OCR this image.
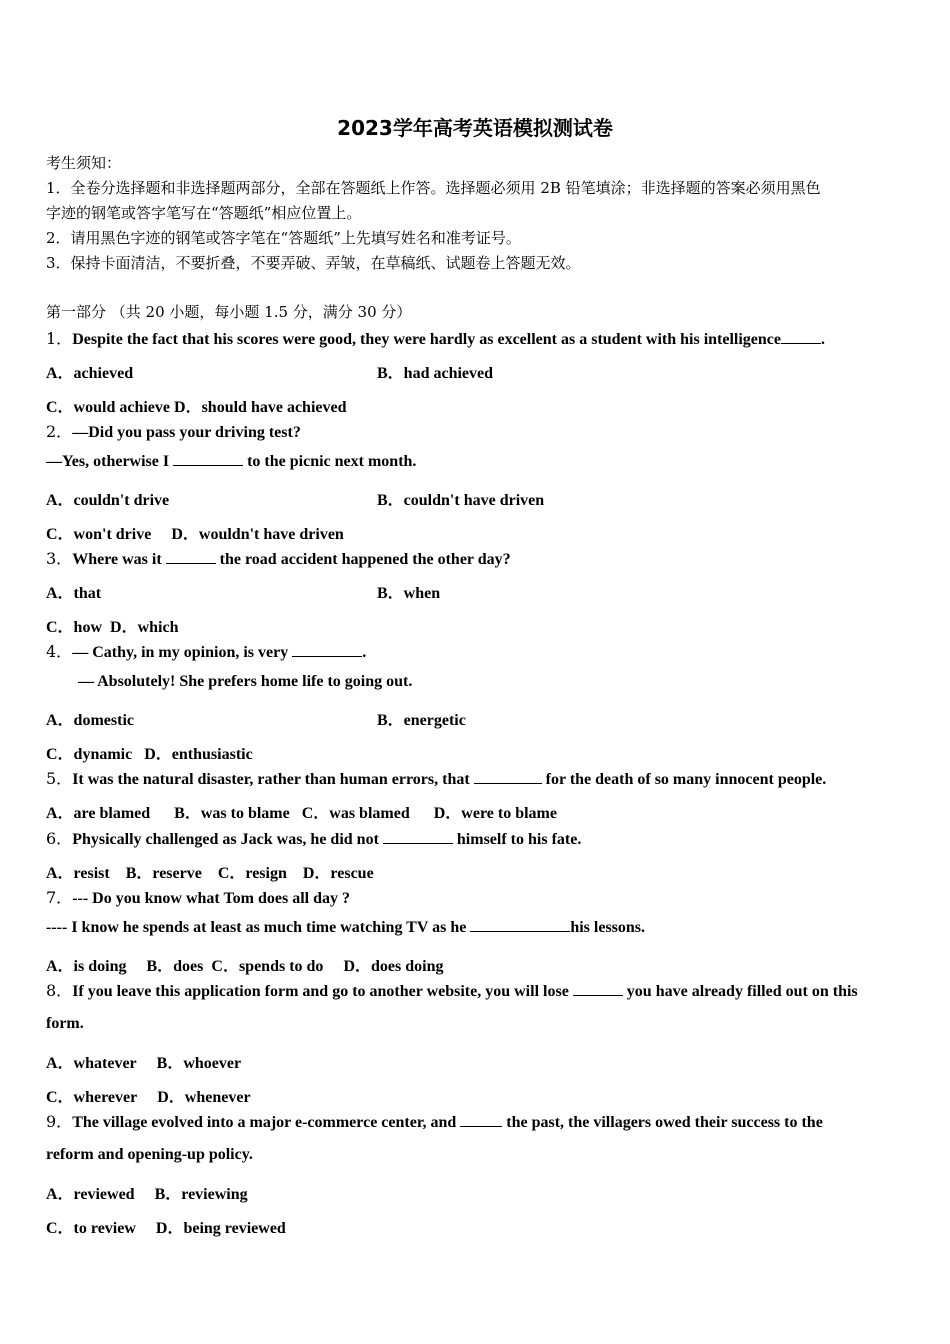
2023学年高考英语模拟测试卷
考生须知：
1．全卷分选择题和非选择题两部分，全部在答题纸上作答。选择题必须用 2B 铅笔填涂；非选择题的答案必须用黑色
字迹的钢笔或答字笔写在“答题纸”相应位置上。
2．请用黑色字迹的钢笔或答字笔在“答题纸”上先填写姓名和准考证号。
3．保持卡面清洁，不要折叠，不要弄破、弄皱，在草稿纸、试题卷上答题无效。
第一部分 （共 20 小题，每小题 1.5 分，满分 30 分）
1．Despite the fact that his scores were good, they were hardly as excellent as a student with his intelligence	.
A．achieved	B．had achieved
C．would achieve D．should have achieved
2．—Did you pass your driving test?
—Yes, otherwise I	to the picnic next month.
A．couldn't drive	B．couldn't have driven
C．won't drive D．wouldn't have driven
3．Where was it	the road accident happened the other day?
A．that	B．when
C．how D．which
4．— Cathy, in my opinion, is very	.
— Absolutely! She prefers home life to going out.
A．domestic	B．energetic
C．dynamic D．enthusiastic
5．It was the natural disaster, rather than human errors, that	for the death of so many innocent people.
A．are blamed B．was to blame C．was blamed D．were to blame
6．Physically challenged as Jack was, he did not	himself to his fate.
A．resist B．reserve C．resign D．rescue
7．--- Do you know what Tom does all day ?
---- I know he spends at least as much time watching TV as he	his lessons.
A．is doing B．does C．spends to do D．does doing
8．If you leave this application form and go to another website, you will lose	you have already filled out on this
form.
A．whatever B．whoever
C．wherever D．whenever
9．The village evolved into a major e-commerce center, and	the past, the villagers owed their success to the
reform and opening-up policy.
A．reviewed B．reviewing
C．to review D．being reviewed
